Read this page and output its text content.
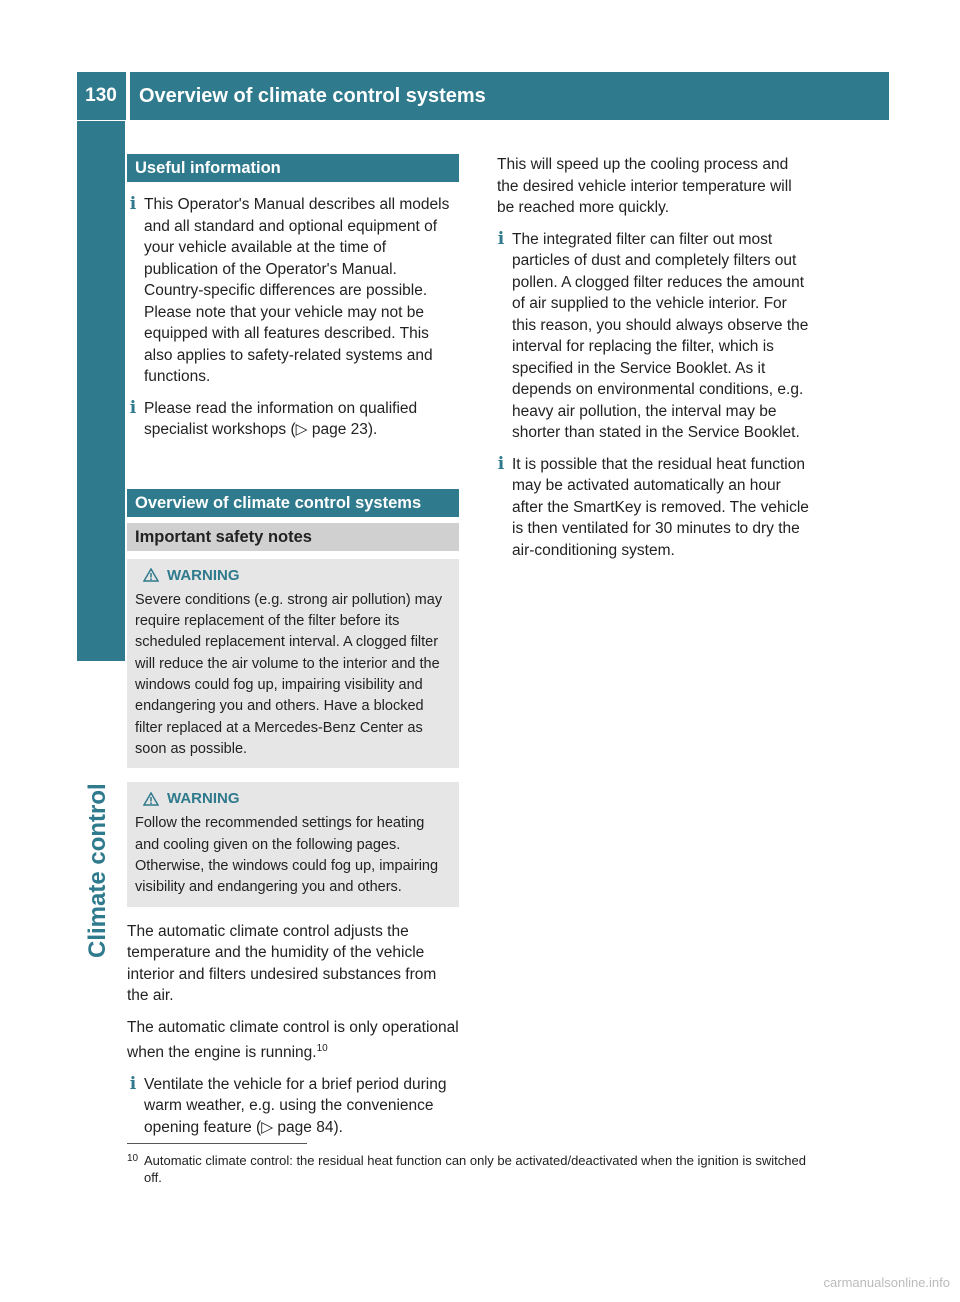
130	Overview of climate control systems
Climate control
Useful information
i This Operator's Manual describes all models and all standard and optional equipment of your vehicle available at the time of publication of the Operator's Manual. Country-specific differences are possible. Please note that your vehicle may not be equipped with all features described. This also applies to safety-related systems and functions.

i Please read the information on qualified specialist workshops (▷ page 23).

Overview of climate control systems
Important safety notes
WARNING

Severe conditions (e.g. strong air pollution) may require replacement of the filter before its scheduled replacement interval. A clogged filter will reduce the air volume to the interior and the windows could fog up, impairing visibility and endangering you and others. Have a blocked filter replaced at a Mercedes-Benz Center as soon as possible.

WARNING

Follow the recommended settings for heating and cooling given on the following pages. Otherwise, the windows could fog up, impairing visibility and endangering you and others.

The automatic climate control adjusts the temperature and the humidity of the vehicle interior and filters undesired substances from the air.

The automatic climate control is only operational when the engine is running.$^{10}$

i Ventilate the vehicle for a brief period during warm weather, e.g. using the convenience opening feature (▷ page 84).

This will speed up the cooling process and the desired vehicle interior temperature will be reached more quickly.

i The integrated filter can filter out most particles of dust and completely filters out pollen. A clogged filter reduces the amount of air supplied to the vehicle interior. For this reason, you should always observe the interval for replacing the filter, which is specified in the Service Booklet. As it depends on environmental conditions, e.g. heavy air pollution, the interval may be shorter than stated in the Service Booklet.

i It is possible that the residual heat function may be activated automatically an hour after the SmartKey is removed. The vehicle is then ventilated for 30 minutes to dry the air-conditioning system.

10 Automatic climate control: the residual heat function can only be activated/deactivated when the ignition is switched off.

carmanualsonline.info
